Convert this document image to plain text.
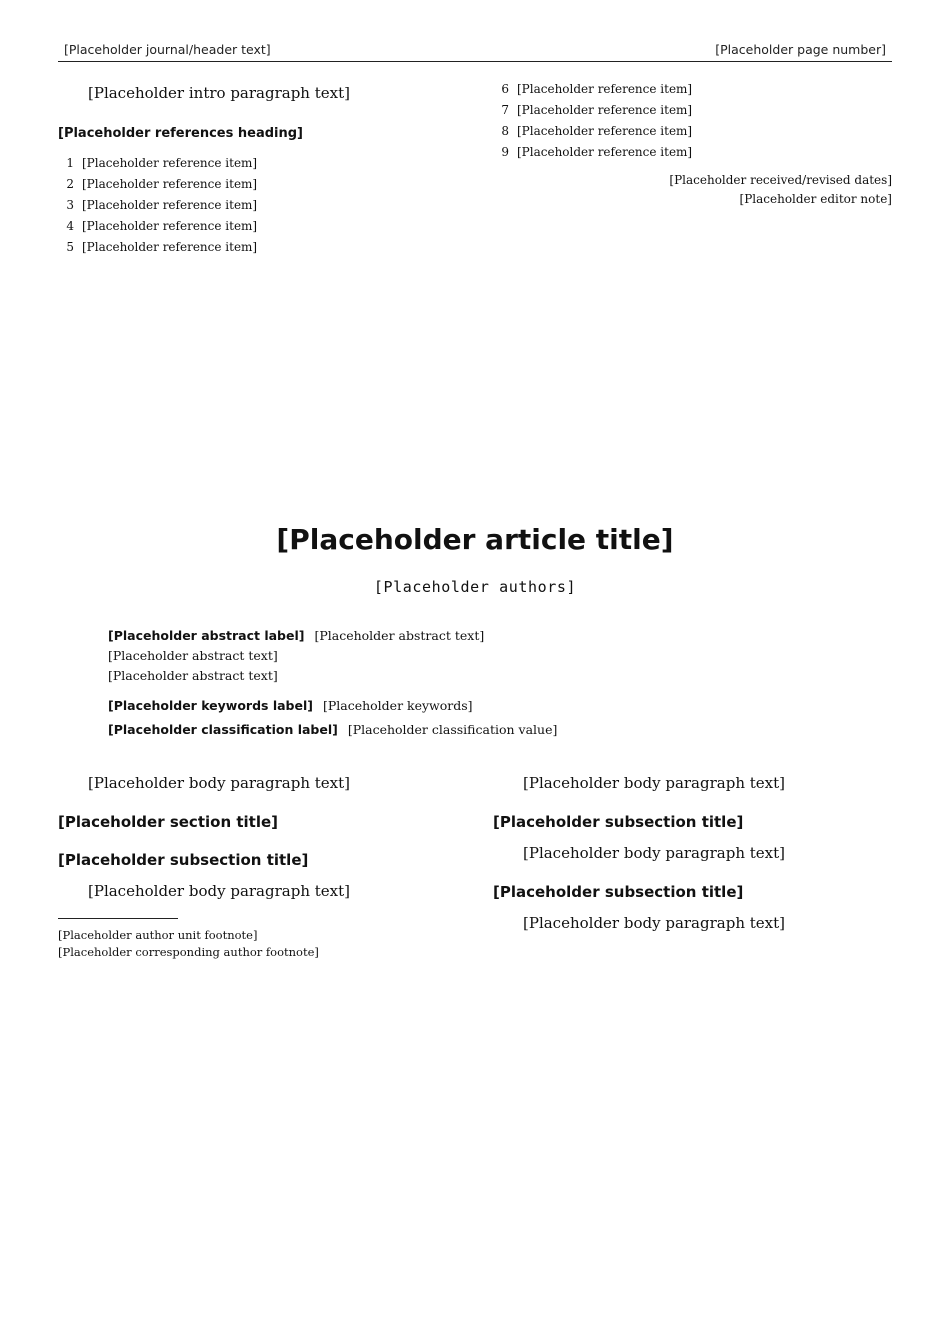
[Placeholder journal/header text]	[Placeholder page number]

[Placeholder intro paragraph text]

[Placeholder references heading]
1 [Placeholder reference item]
2 [Placeholder reference item]
3 [Placeholder reference item]
4 [Placeholder reference item]
5 [Placeholder reference item]
6 [Placeholder reference item]
7 [Placeholder reference item]
8 [Placeholder reference item]
9 [Placeholder reference item]
[Placeholder received/revised dates]
[Placeholder editor note]
[Placeholder article title]
[Placeholder authors]

[Placeholder abstract label] [Placeholder abstract text]

[Placeholder abstract text]

[Placeholder abstract text]

[Placeholder keywords label] [Placeholder keywords]
[Placeholder classification label] [Placeholder classification value]

[Placeholder body paragraph text]

[Placeholder section title]
[Placeholder subsection title]

[Placeholder body paragraph text]

[Placeholder author unit footnote]
[Placeholder corresponding author footnote]

[Placeholder body paragraph text]

[Placeholder subsection title]

[Placeholder body paragraph text]

[Placeholder subsection title]

[Placeholder body paragraph text]
